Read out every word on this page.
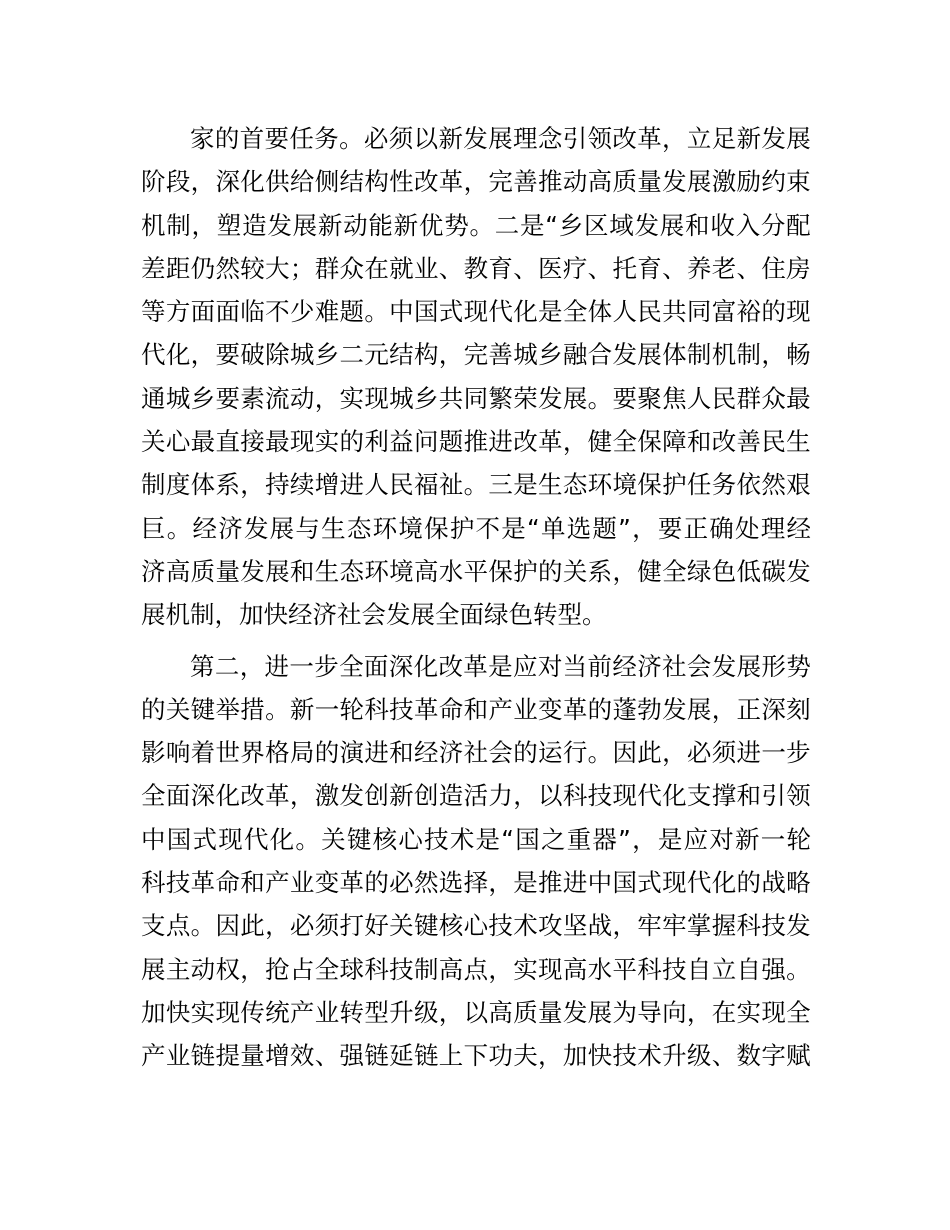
家 的 首 要 任 务 。 必 须 以 新 发 展 理 念 引 领 改 革 ， 立 足 新 发 展
阶 段 ， 深 化 供 给 侧 结 构 性 改 革 ， 完 善 推 动 高 质 量 发 展 激 励 约 束
机 制 ， 塑 造 发 展 新 动 能 新 优 势 。 二 是 “ 乡 区 域 发 展 和 收 入 分 配
差 距 仍 然 较 大 ； 群 众 在 就 业 、 教 育 、 医 疗 、 托 育 、 养 老 、 住 房
等 方 面 面 临 不 少 难 题 。 中 国 式 现 代 化 是 全 体 人 民 共 同 富 裕 的 现
代 化 ， 要 破 除 城 乡 二 元 结 构 ， 完 善 城 乡 融 合 发 展 体 制 机 制 ， 畅
通 城 乡 要 素 流 动 ， 实 现 城 乡 共 同 繁 荣 发 展 。 要 聚 焦 人 民 群 众 最
关 心 最 直 接 最 现 实 的 利 益 问 题 推 进 改 革 ， 健 全 保 障 和 改 善 民 生
制 度 体 系 ， 持 续 增 进 人 民 福 祉 。 三 是 生 态 环 境 保 护 任 务 依 然 艰
巨 。 经 济 发 展 与 生 态 环 境 保 护 不 是 “ 单 选 题 ” ， 要 正 确 处 理 经
济 高 质 量 发 展 和 生 态 环 境 高 水 平 保 护 的 关 系 ， 健 全 绿 色 低 碳 发
展机制，加快经济社会发展全面绿色转型。
第 二 ， 进 一 步 全 面 深 化 改 革 是 应 对 当 前 经 济 社 会 发 展 形 势
的 关 键 举 措 。 新 一 轮 科 技 革 命 和 产 业 变 革 的 蓬 勃 发 展 ， 正 深 刻
影 响 着 世 界 格 局 的 演 进 和 经 济 社 会 的 运 行 。 因 此 ， 必 须 进 一 步
全 面 深 化 改 革 ， 激 发 创 新 创 造 活 力 ， 以 科 技 现 代 化 支 撑 和 引 领
中 国 式 现 代 化 。 关 键 核 心 技 术 是 “ 国 之 重 器 ” ， 是 应 对 新 一 轮
科 技 革 命 和 产 业 变 革 的 必 然 选 择 ， 是 推 进 中 国 式 现 代 化 的 战 略
支 点 。 因 此 ， 必 须 打 好 关 键 核 心 技 术 攻 坚 战 ， 牢 牢 掌 握 科 技 发
展 主 动 权 ， 抢 占 全 球 科 技 制 高 点 ， 实 现 高 水 平 科 技 自 立 自 强 。
加 快 实 现 传 统 产 业 转 型 升 级 ， 以 高 质 量 发 展 为 导 向 ， 在 实 现 全
产 业 链 提 量 增 效 、 强 链 延 链 上 下 功 夫 ， 加 快 技 术 升 级 、 数 字 赋
